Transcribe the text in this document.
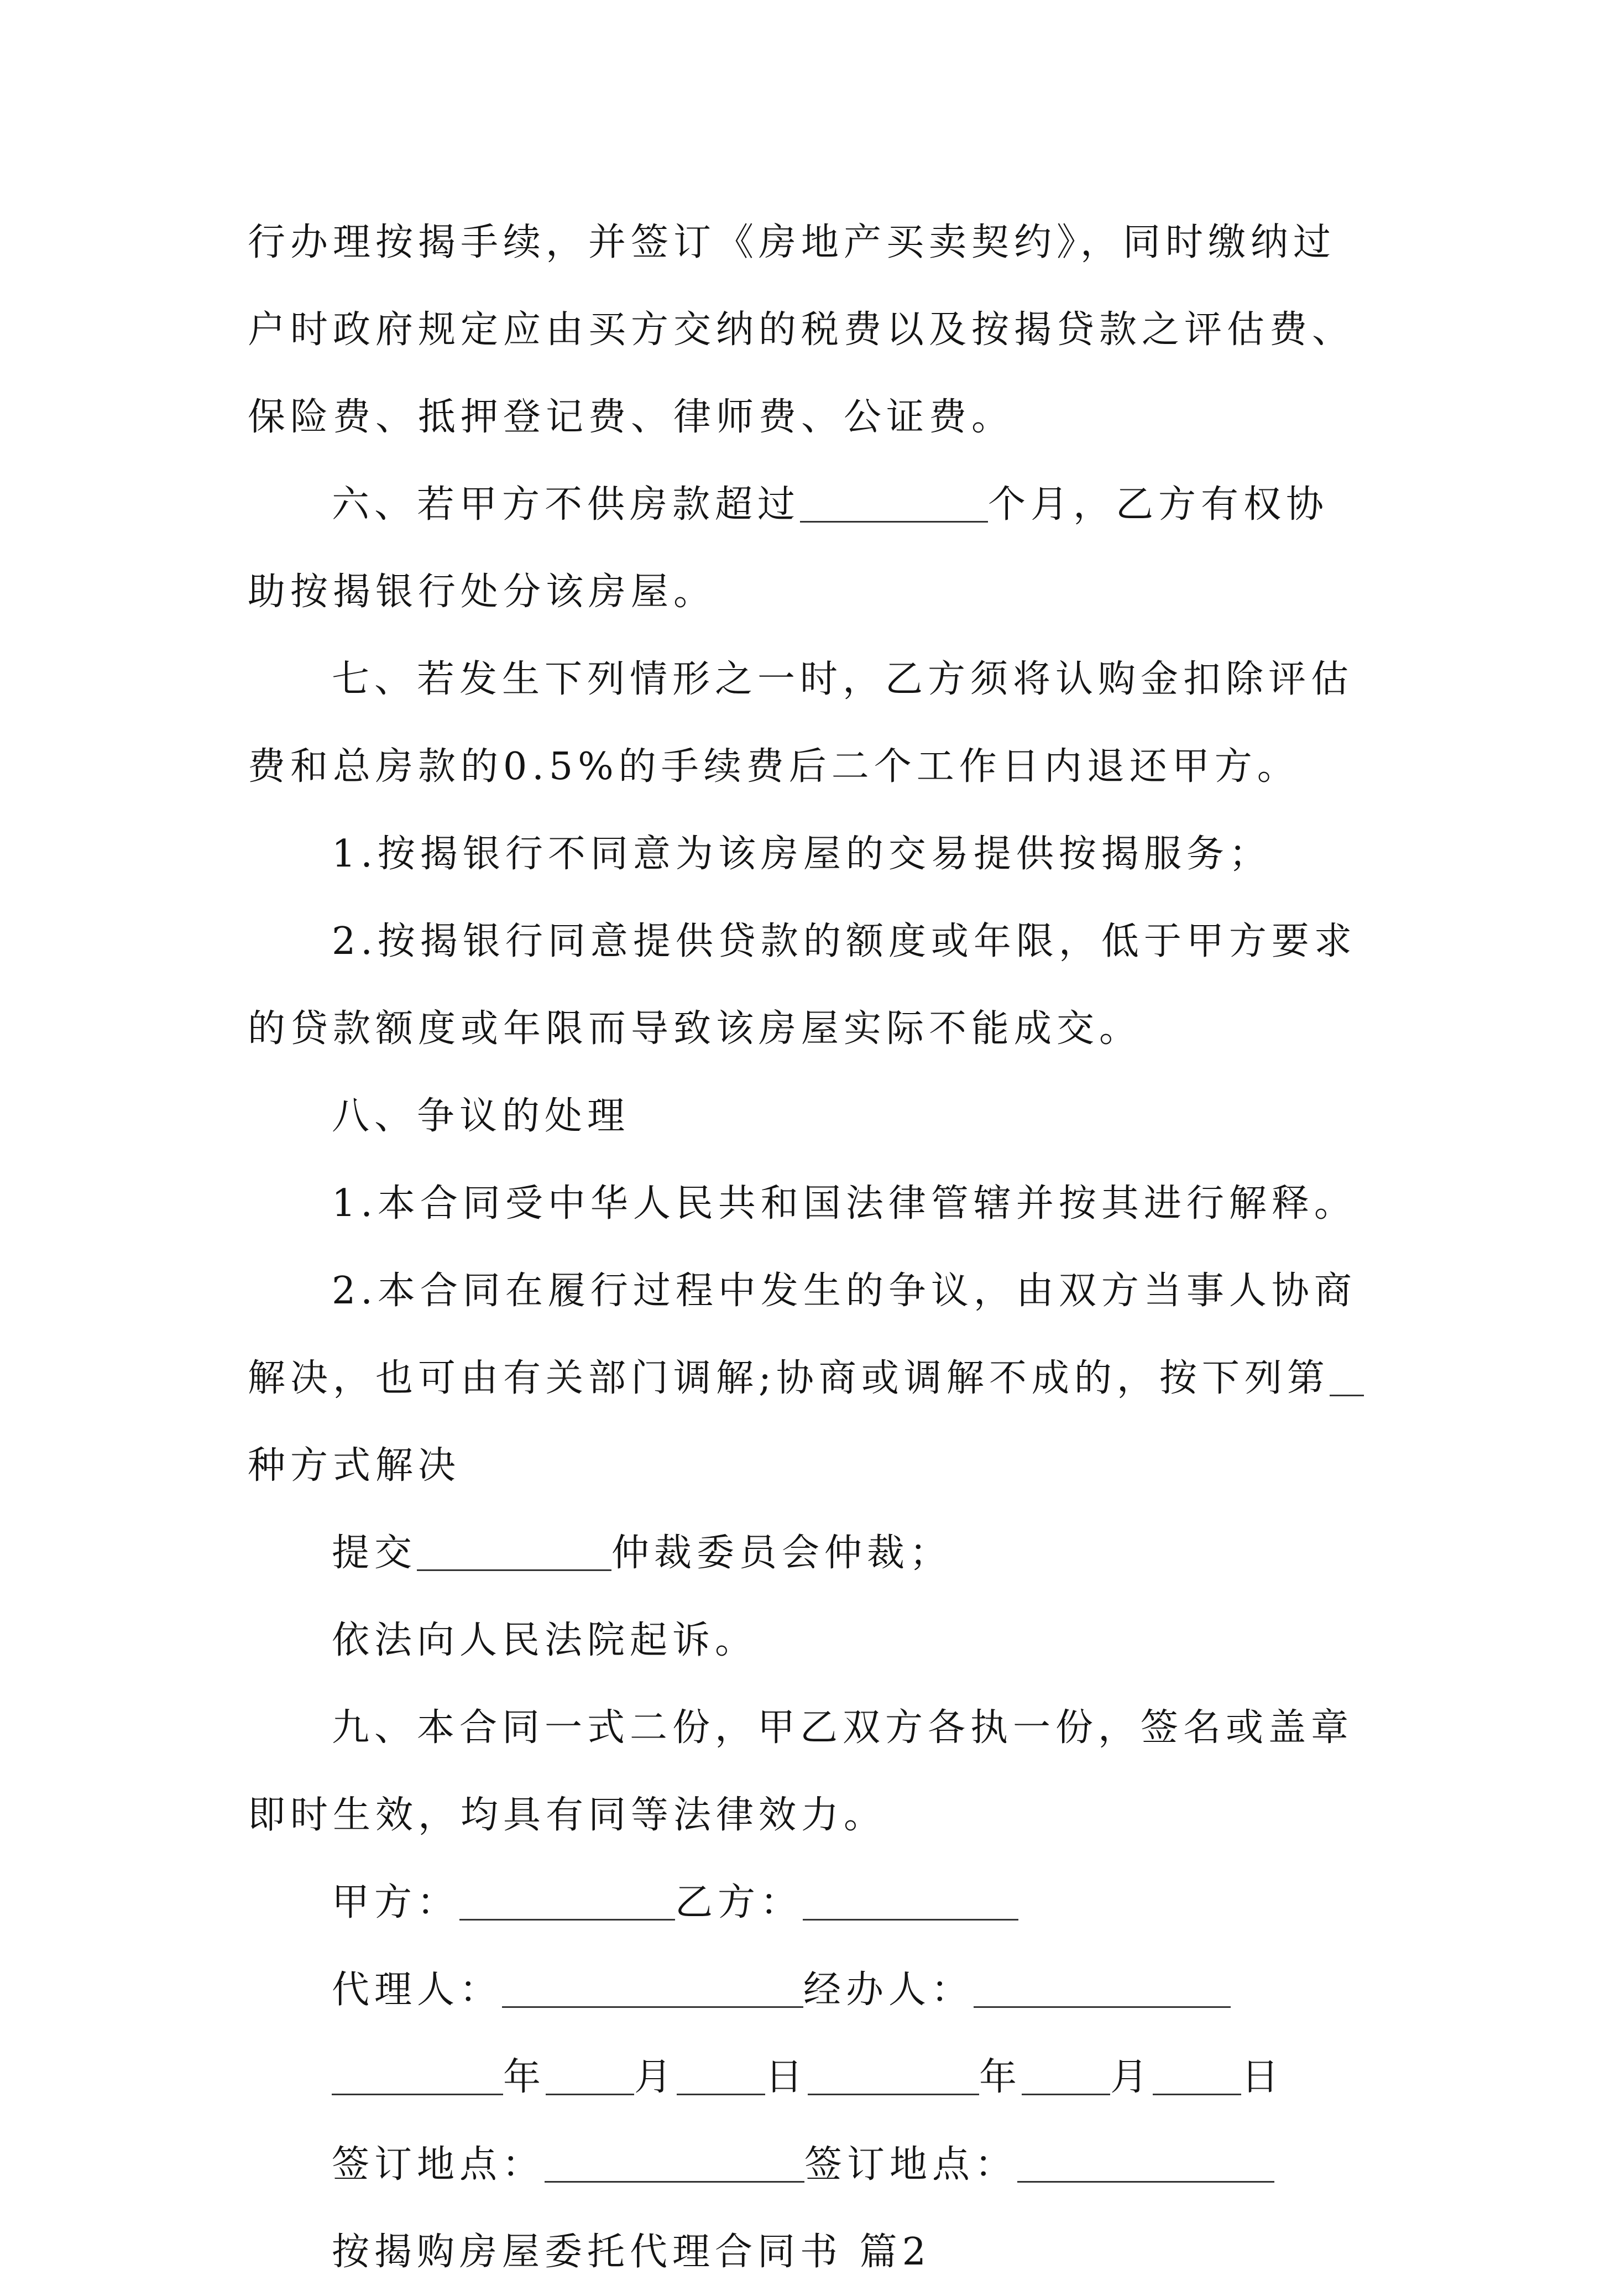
行办理按揭手续，并签订《房地产买卖契约》，同时缴纳过
户时政府规定应由买方交纳的税费以及按揭贷款之评估费、
保险费、抵押登记费、律师费、公证费。
六、若甲方不供房款超过	个月，乙方有权协
助按揭银行处分该房屋。
七、若发生下列情形之一时，乙方须将认购金扣除评估
费和总房款的0.5%的手续费后二个工作日内退还甲方。
1.按揭银行不同意为该房屋的交易提供按揭服务；
2.按揭银行同意提供贷款的额度或年限，低于甲方要求
的贷款额度或年限而导致该房屋实际不能成交。
八、争议的处理
1.本合同受中华人民共和国法律管辖并按其进行解释。
2.本合同在履行过程中发生的争议，由双方当事人协商
解决，也可由有关部门调解;协商或调解不成的，按下列第
种方式解决
提交	仲裁委员会仲裁；
依法向人民法院起诉。
九、本合同一式二份，甲乙双方各执一份，签名或盖章
即时生效，均具有同等法律效力。
甲方：	乙方：
代理人：	经办人：
年 月 日	年 月 日
签订地点：	签订地点：
按揭购房屋委托代理合同书 篇2
